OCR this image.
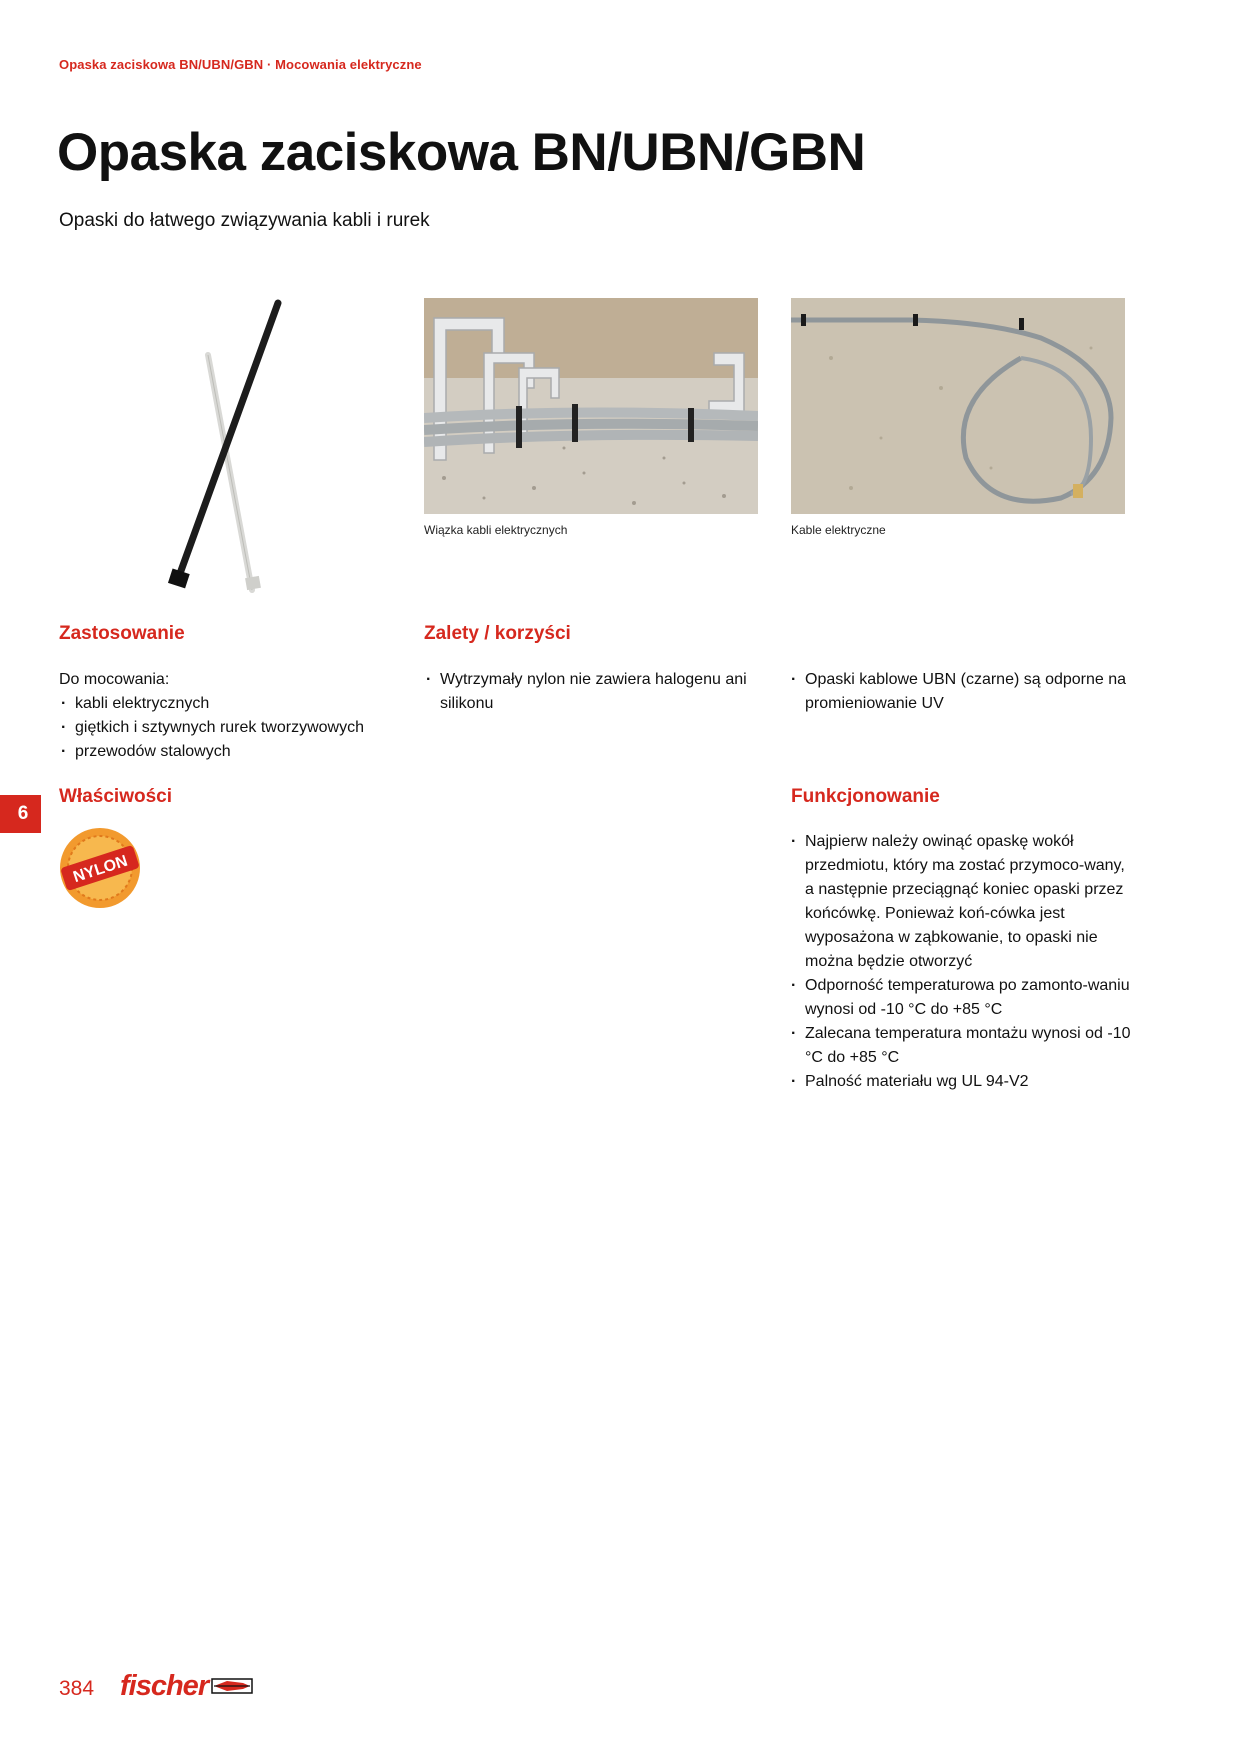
Opaska zaciskowa BN/UBN/GBN · Mocowania elektryczne
Opaska zaciskowa BN/UBN/GBN
Opaski do łatwego związywania kabli i rurek
Wiązka kabli elektrycznych	Kable elektryczne
Zastosowanie

Do mocowania:

· kabli elektrycznych
· giętkich i sztywnych rurek tworzywowych
· przewodów stalowych
Zalety / korzyści
· Wytrzymały nylon nie zawiera halogenu ani silikonu
· Opaski kablowe UBN (czarne) są odporne na promieniowanie UV
6
Właściwości
NYLON
Funkcjonowanie
· Najpierw należy owinąć opaskę wokół przedmiotu, który ma zostać przymoco-wany, a następnie przeciągnąć koniec opaski przez końcówkę. Ponieważ koń-cówka jest wyposażona w ząbkowanie, to opaski nie można będzie otworzyć
· Odporność temperaturowa po zamonto-waniu wynosi od -10 °C do +85 °C
· Zalecana temperatura montażu wynosi od -10 °C do +85 °C
· Palność materiału wg UL 94-V2
384 fischer
